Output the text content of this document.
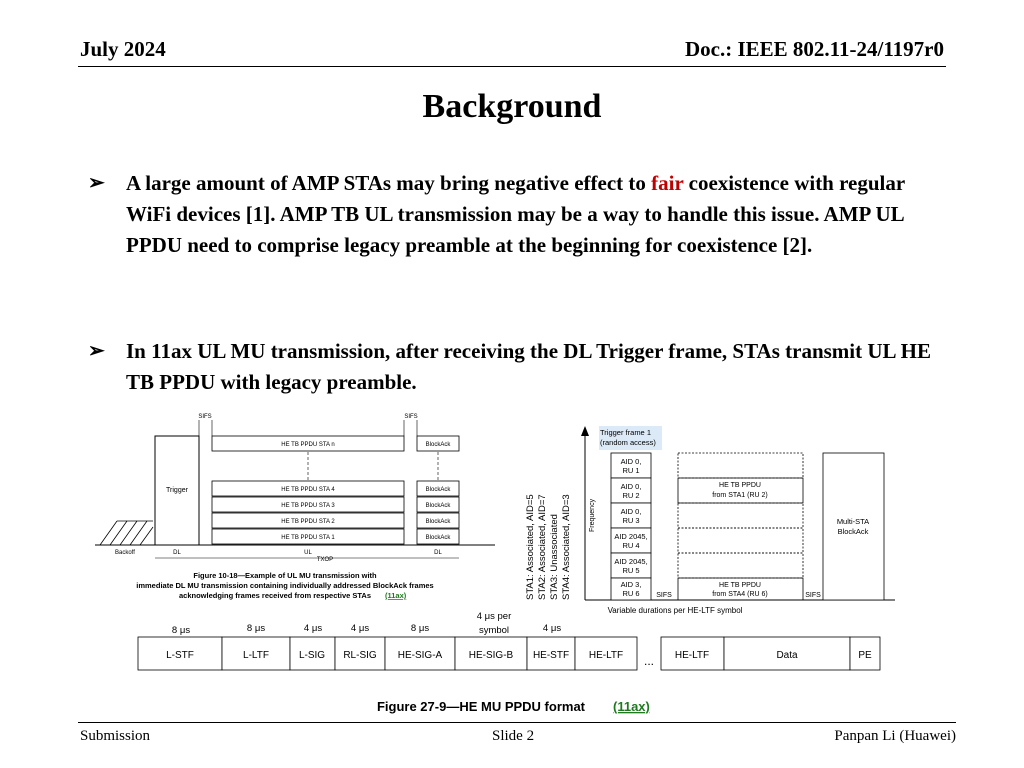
July 2024	Doc.: IEEE 802.11-24/1197r0
Background
➢ A large amount of AMP STAs may bring negative effect to fair coexistence with regular WiFi devices [1]. AMP TB UL transmission may be a way to handle this issue. AMP UL PPDU need to comprise legacy preamble at the beginning for coexistence [2].
➢ In 11ax UL MU transmission, after receiving the DL Trigger frame, STAs transmit UL HE TB PPDU with legacy preamble.
Trigger
SIFS	SIFS
HE TB PPDU STA n	BlockAck
HE TB PPDU STA 4	BlockAck
HE TB PPDU STA 3	BlockAck
HE TB PPDU STA 2	BlockAck
HE TB PPDU STA 1	BlockAck
Backoff	DL	UL	DL
TXOP
Figure 10-18—Example of UL MU transmission with
immediate DL MU transmission containing individually addressed BlockAck frames
acknowledging frames received from respective STAs (11ax)
Frequency
STA1: Associated, AID=5 STA2: Associated, AID=7 STA3: Unassociated STA4: Associated, AID=3
Trigger frame 1
(random access)
AID 0,
RU 1
AID 0,
RU 2
AID 0,
RU 3
AID 2045,
RU 4
AID 2045,
RU 5
AID 3,
RU 6
HE TB PPDU
from STA1 (RU 2)
HE TB PPDU
from STA4 (RU 6)
Multi-STA
BlockAck
SIFS	SIFS
Variable durations per HE-LTF symbol
8 μs	8 μs	4 μs	4 μs	8 μs
4 μs per
symbol	4 μs
L-STF	L-LTF	L-SIG RL-SIG HE-SIG-A	HE-SIG-B HE-STF HE-LTF	HE-LTF	Data	PE
...
Figure 27-9—HE MU PPDU format (11ax)
Submission	Slide 2	Panpan Li (Huawei)
